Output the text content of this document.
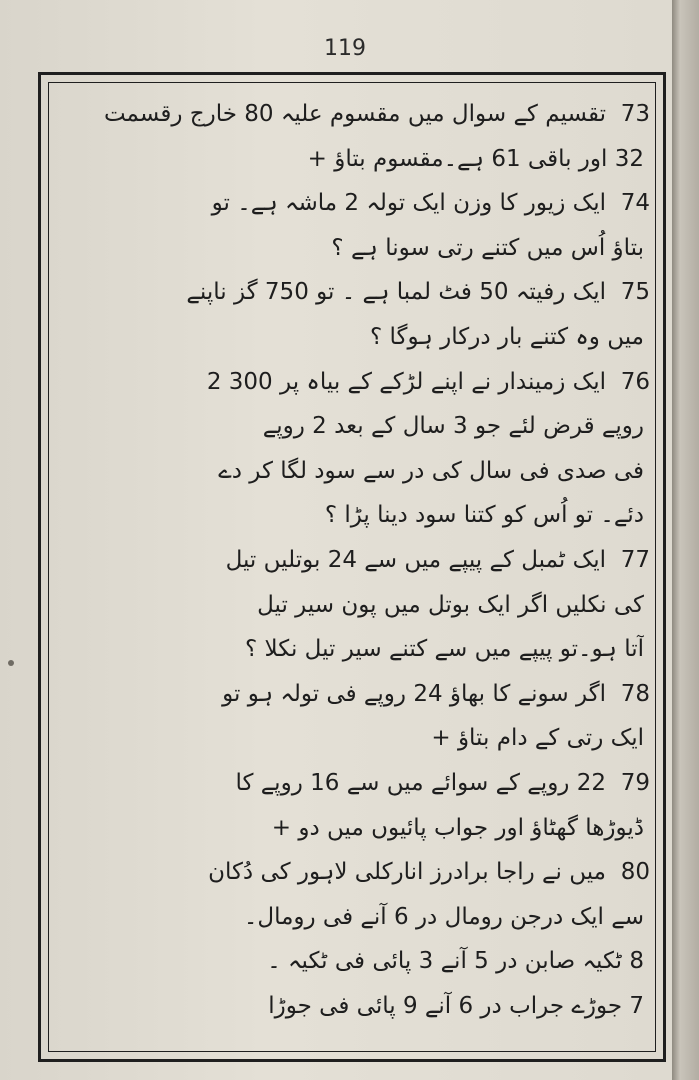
119
73
تقسیم کے سوال میں مقسوم علیہ 80 خارج رقسمت
32 اور باقی 61 ہے۔مقسوم بتاؤ +
74
ایک زیور کا وزن ایک تولہ 2 ماشہ ہے۔ تو
بتاؤ اُس میں کتنے رتی سونا ہے ؟
75
ایک رفیتہ 50 فٹ لمبا ہے ۔ تو 750 گز ناپنے
میں وہ کتنے بار درکار ہوگا ؟
76
ایک زمیندار نے اپنے لڑکے کے بیاہ پر 300 2
روپے قرض لئے جو 3 سال کے بعد 2 روپے
فی صدی فی سال کی در سے سود لگا کر دے
دئے۔ تو اُس کو کتنا سود دینا پڑا ؟
77
ایک ٹمبل کے پیپے میں سے 24 بوتلیں تیل
کی نکلیں اگر ایک بوتل میں پون سیر تیل
آتا ہو۔تو پیپے میں سے کتنے سیر تیل نکلا ؟
78
اگر سونے کا بھاؤ 24 روپے فی تولہ ہو تو
ایک رتی کے دام بتاؤ +
79
22 روپے کے سوائے میں سے 16 روپے کا
ڈیوڑھا گھٹاؤ اور جواب پائیوں میں دو +
80
میں نے راجا برادرز انارکلی لاہور کی دُکان
سے ایک درجن رومال در 6 آنے فی رومال۔
8 ٹکیہ صابن در 5 آنے 3 پائی فی ٹکیہ ۔
7 جوڑے جراب در 6 آنے 9 پائی فی جوڑا
